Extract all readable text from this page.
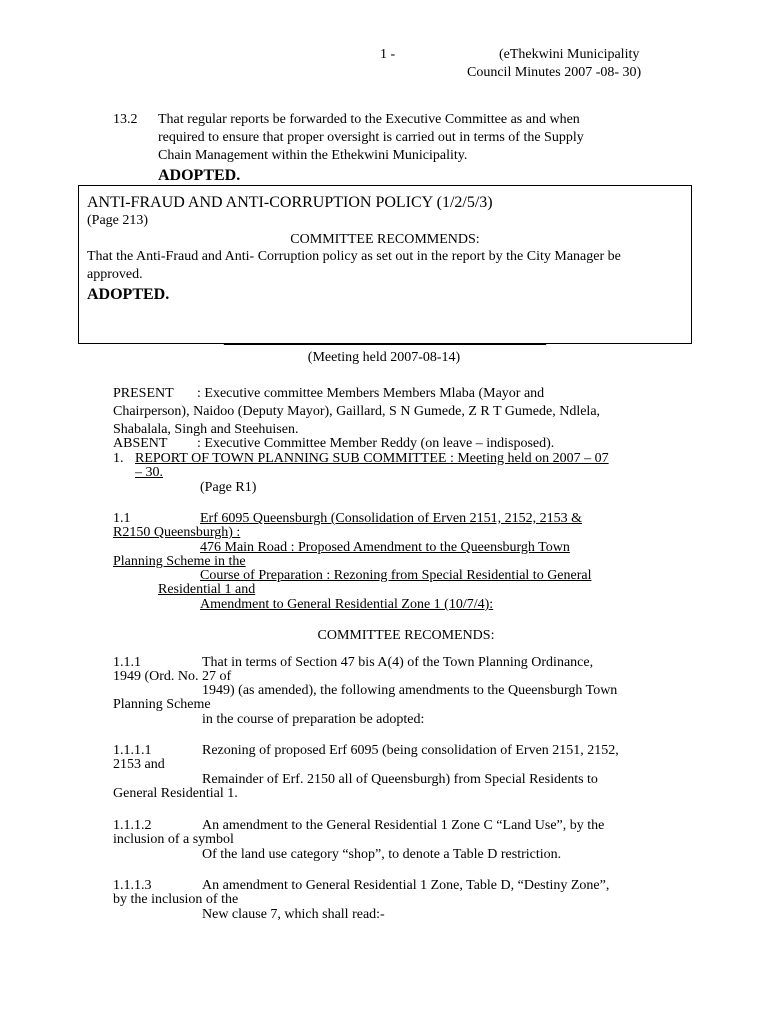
1 -	(eThekwini Municipality
Council Minutes 2007 -08- 30)
13.2 That regular reports be forwarded to the Executive Committee as and when
required to ensure that proper oversight is carried out in terms of the Supply
Chain Management within the Ethekwini Municipality.
ADOPTED.
ANTI-FRAUD AND ANTI-CORRUPTION POLICY (1/2/5/3)
(Page 213)
COMMITTEE RECOMMENDS:
That the Anti-Fraud and Anti- Corruption policy as set out in the report by the City Manager be
approved.
ADOPTED.
(Meeting held 2007-08-14)
PRESENT : Executive committee Members Members Mlaba (Mayor and
Chairperson), Naidoo (Deputy Mayor), Gaillard, S N Gumede, Z R T Gumede, Ndlela,
Shabalala, Singh and Steehuisen.
ABSENT : Executive Committee Member Reddy (on leave – indisposed).
1. REPORT OF TOWN PLANNING SUB COMMITTEE : Meeting held on 2007 – 07
– 30.
(Page R1)
1.1	Erf 6095 Queensburgh (Consolidation of Erven 2151, 2152, 2153 &
R2150 Queensburgh) :
476 Main Road : Proposed Amendment to the Queensburgh Town
Planning Scheme in the
Course of Preparation : Rezoning from Special Residential to General
Residential 1 and
Amendment to General Residential Zone 1 (10/7/4):
COMMITTEE RECOMENDS:
1.1.1	That in terms of Section 47 bis A(4) of the Town Planning Ordinance,
1949 (Ord. No. 27 of
1949) (as amended), the following amendments to the Queensburgh Town
Planning Scheme
in the course of preparation be adopted:
1.1.1.1	Rezoning of proposed Erf 6095 (being consolidation of Erven 2151, 2152,
2153 and
Remainder of Erf. 2150 all of Queensburgh) from Special Residents to
General Residential 1.
1.1.1.2	An amendment to the General Residential 1 Zone C “Land Use”, by the
inclusion of a symbol
Of the land use category “shop”, to denote a Table D restriction.
1.1.1.3	An amendment to General Residential 1 Zone, Table D, “Destiny Zone”,
by the inclusion of the
New clause 7, which shall read:-
